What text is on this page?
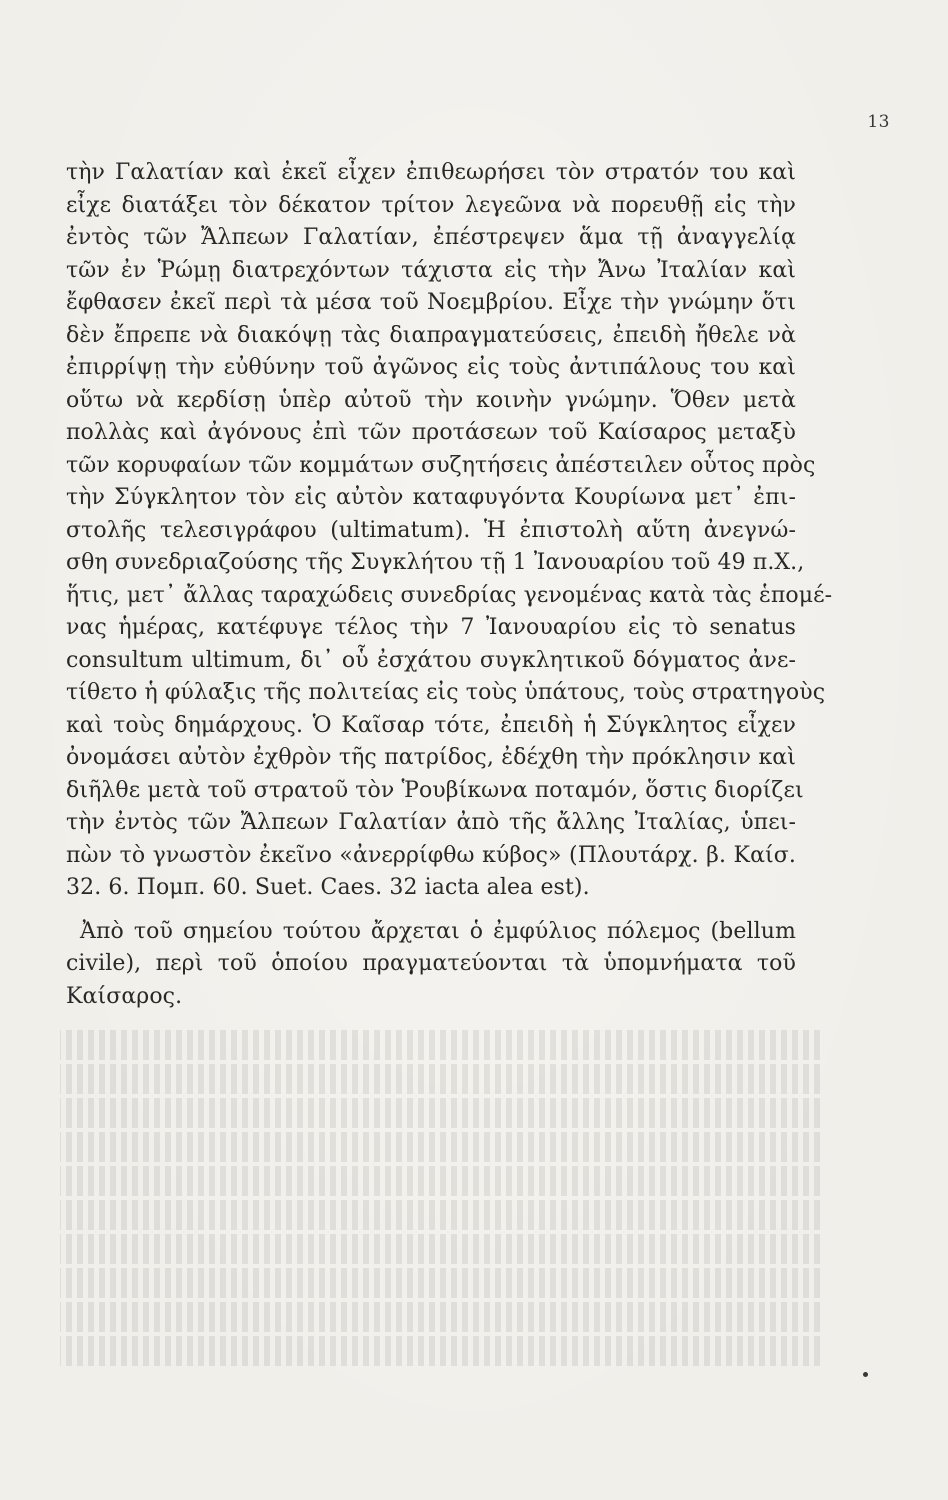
13
τὴν Γαλατίαν καὶ ἐκεῖ εἶχεν ἐπιθεωρήσει τὸν στρατόν του καὶ
εἶχε διατάξει τὸν δέκατον τρίτον λεγεῶνα νὰ πορευθῇ εἰς τὴν
ἐντὸς τῶν Ἄλπεων Γαλατίαν, ἐπέστρεψεν ἅμα τῇ ἀναγγελίᾳ
τῶν ἐν Ῥώμῃ διατρεχόντων τάχιστα εἰς τὴν Ἄνω Ἰταλίαν καὶ
ἔφθασεν ἐκεῖ περὶ τὰ μέσα τοῦ Νοεμβρίου. Εἶχε τὴν γνώμην ὅτι
δὲν ἔπρεπε νὰ διακόψῃ τὰς διαπραγματεύσεις, ἐπειδὴ ἤθελε νὰ
ἐπιρρίψῃ τὴν εὐθύνην τοῦ ἀγῶνος εἰς τοὺς ἀντιπάλους του καὶ
οὕτω νὰ κερδίσῃ ὑπὲρ αὐτοῦ τὴν κοινὴν γνώμην. Ὅθεν μετὰ
πολλὰς καὶ ἀγόνους ἐπὶ τῶν προτάσεων τοῦ Καίσαρος μεταξὺ
τῶν κορυφαίων τῶν κομμάτων συζητήσεις ἀπέστειλεν οὗτος πρὸς
τὴν Σύγκλητον τὸν εἰς αὐτὸν καταφυγόντα Κουρίωνα μετ᾽ ἐπι-
στολῆς τελεσιγράφου (ultimatum). Ἡ ἐπιστολὴ αὕτη ἀνεγνώ-
σθη συνεδριαζούσης τῆς Συγκλήτου τῇ 1 Ἰανουαρίου τοῦ 49 π.Χ.,
ἥτις, μετ᾽ ἄλλας ταραχώδεις συνεδρίας γενομένας κατὰ τὰς ἑπομέ-
νας ἡμέρας, κατέφυγε τέλος τὴν 7 Ἰανουαρίου εἰς τὸ senatus
consultum ultimum, δι᾽ οὗ ἐσχάτου συγκλητικοῦ δόγματος ἀνε-
τίθετο ἡ φύλαξις τῆς πολιτείας εἰς τοὺς ὑπάτους, τοὺς στρατηγοὺς
καὶ τοὺς δημάρχους. Ὁ Καῖσαρ τότε, ἐπειδὴ ἡ Σύγκλητος εἶχεν
ὀνομάσει αὐτὸν ἐχθρὸν τῆς πατρίδος, ἐδέχθη τὴν πρόκλησιν καὶ
διῆλθε μετὰ τοῦ στρατοῦ τὸν Ῥουβίκωνα ποταμόν, ὅστις διορίζει
τὴν ἐντὸς τῶν Ἄλπεων Γαλατίαν ἀπὸ τῆς ἄλλης Ἰταλίας, ὑπει-
πὼν τὸ γνωστὸν ἐκεῖνο «ἀνερρίφθω κύβος» (Πλουτάρχ. β. Καίσ.
32. 6. Πομπ. 60. Suet. Caes. 32 iacta alea est).
Ἀπὸ τοῦ σημείου τούτου ἄρχεται ὁ ἐμφύλιος πόλεμος (bellum
civile), περὶ τοῦ ὁποίου πραγματεύονται τὰ ὑπομνήματα τοῦ
Καίσαρος.
